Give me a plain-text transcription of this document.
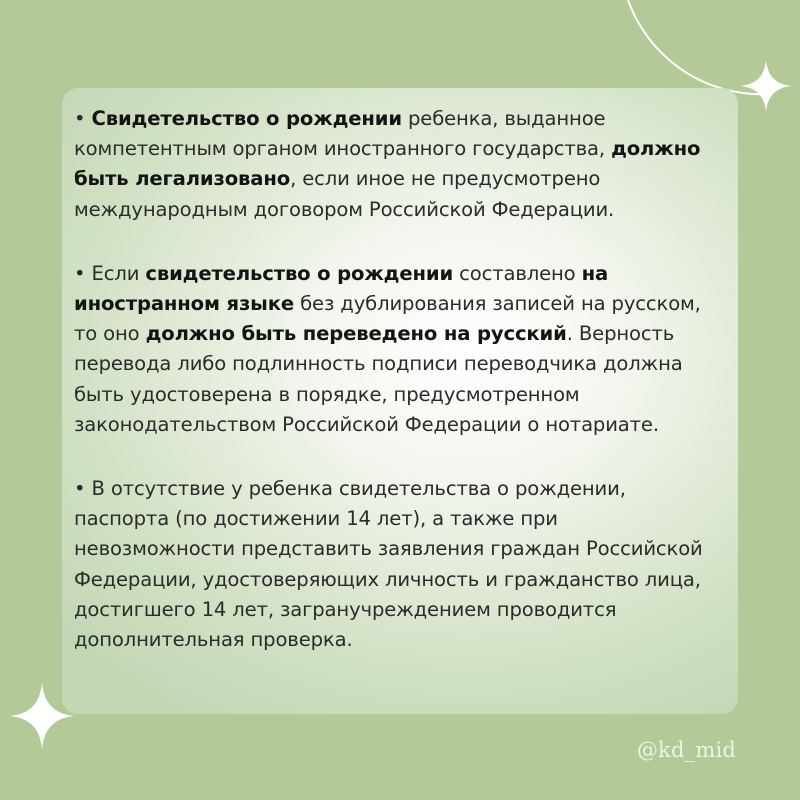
• Свидетельство о рождении ребенка, выданное компетентным органом иностранного государства, должно быть легализовано, если иное не предусмотрено международным договором Российской Федерации.

• Если свидетельство о рождении составлено на иностранном языке без дублирования записей на русском, то оно должно быть переведено на русский. Верность перевода либо подлинность подписи переводчика должна быть удостоверена в порядке, предусмотренном законодательством Российской Федерации о нотариате.

• В отсутствие у ребенка свидетельства о рождении, паспорта (по достижении 14 лет), а также при невозможности представить заявления граждан Российской Федерации, удостоверяющих личность и гражданство лица, достигшего 14 лет, загранучреждением проводится дополнительная проверка.

@kd_mid
